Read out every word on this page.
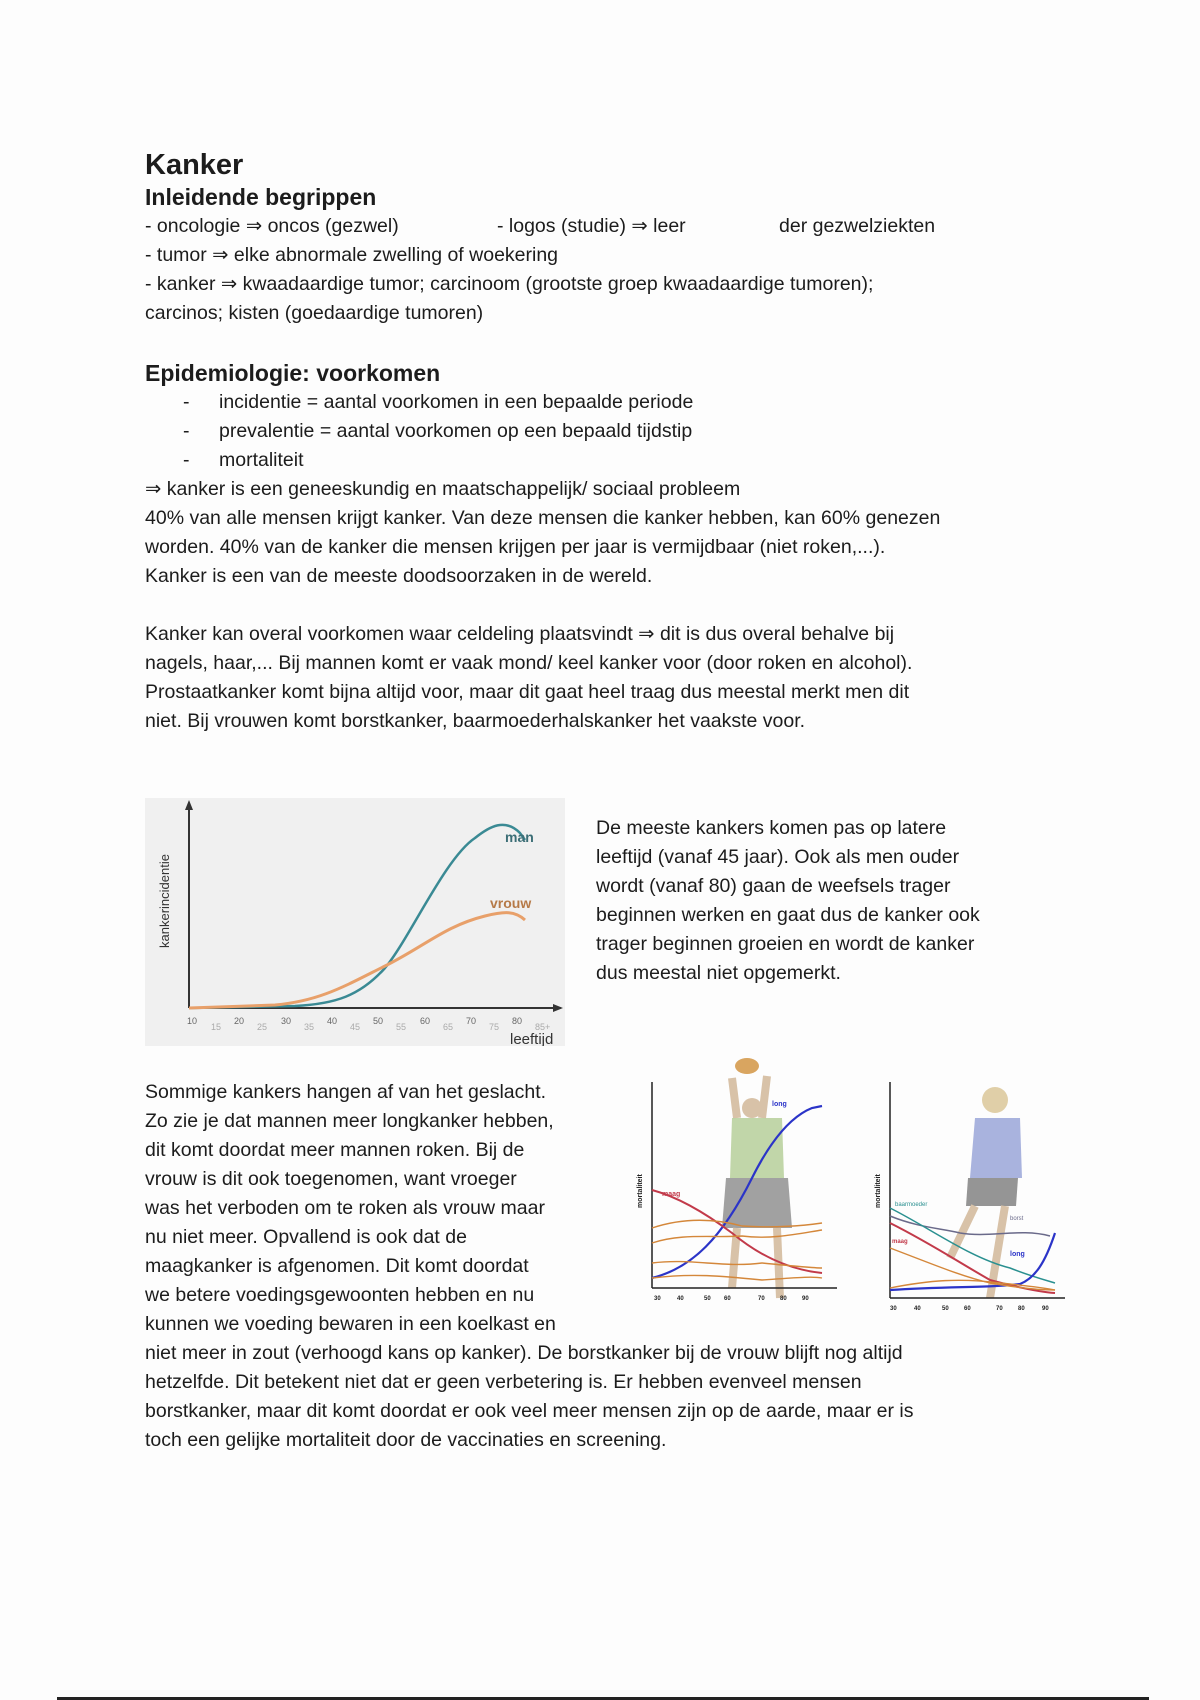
Kanker
Inleidende begrippen
- oncologie ⇒ oncos (gezwel)	- logos (studie) ⇒ leer	der gezwelziekten
- tumor ⇒ elke abnormale zwelling of woekering
- kanker ⇒ kwaadaardige tumor; carcinoom (grootste groep kwaadaardige tumoren);
carcinos; kisten (goedaardige tumoren)
Epidemiologie: voorkomen
- incidentie = aantal voorkomen in een bepaalde periode
- prevalentie = aantal voorkomen op een bepaald tijdstip
- mortaliteit
⇒ kanker is een geneeskundig en maatschappelijk/ sociaal probleem
40% van alle mensen krijgt kanker. Van deze mensen die kanker hebben, kan 60% genezen
worden. 40% van de kanker die mensen krijgen per jaar is vermijdbaar (niet roken,...).
Kanker is een van de meeste doodsoorzaken in de wereld.
Kanker kan overal voorkomen waar celdeling plaatsvindt ⇒ dit is dus overal behalve bij
nagels, haar,... Bij mannen komt er vaak mond/ keel kanker voor (door roken en alcohol).
Prostaatkanker komt bijna altijd voor, maar dit gaat heel traag dus meestal merkt men dit
niet. Bij vrouwen komt borstkanker, baarmoederhalskanker het vaakste voor.
man
vrouw
kankerincidentie
10
15
20
25
30
35
40
45
50
55
60
65
70
75
80
85+
leeftijd
De meeste kankers komen pas op latere
leeftijd (vanaf 45 jaar). Ook als men ouder
wordt (vanaf 80) gaan de weefsels trager
beginnen werken en gaat dus de kanker ook
trager beginnen groeien en wordt de kanker
dus meestal niet opgemerkt.
Sommige kankers hangen af van het geslacht.
Zo zie je dat mannen meer longkanker hebben,
dit komt doordat meer mannen roken. Bij de
vrouw is dit ook toegenomen, want vroeger
was het verboden om te roken als vrouw maar
nu niet meer. Opvallend is ook dat de
maagkanker is afgenomen. Dit komt doordat
we betere voedingsgewoonten hebben en nu
kunnen we voeding bewaren in een koelkast en
long
maag
mortaliteit
30	40	50 60	70	80	90
baarmoeder
borst
long
maag
mortaliteit
30	40	50	60	70	80	90
niet meer in zout (verhoogd kans op kanker). De borstkanker bij de vrouw blijft nog altijd
hetzelfde. Dit betekent niet dat er geen verbetering is. Er hebben evenveel mensen
borstkanker, maar dit komt doordat er ook veel meer mensen zijn op de aarde, maar er is
toch een gelijke mortaliteit door de vaccinaties en screening.
